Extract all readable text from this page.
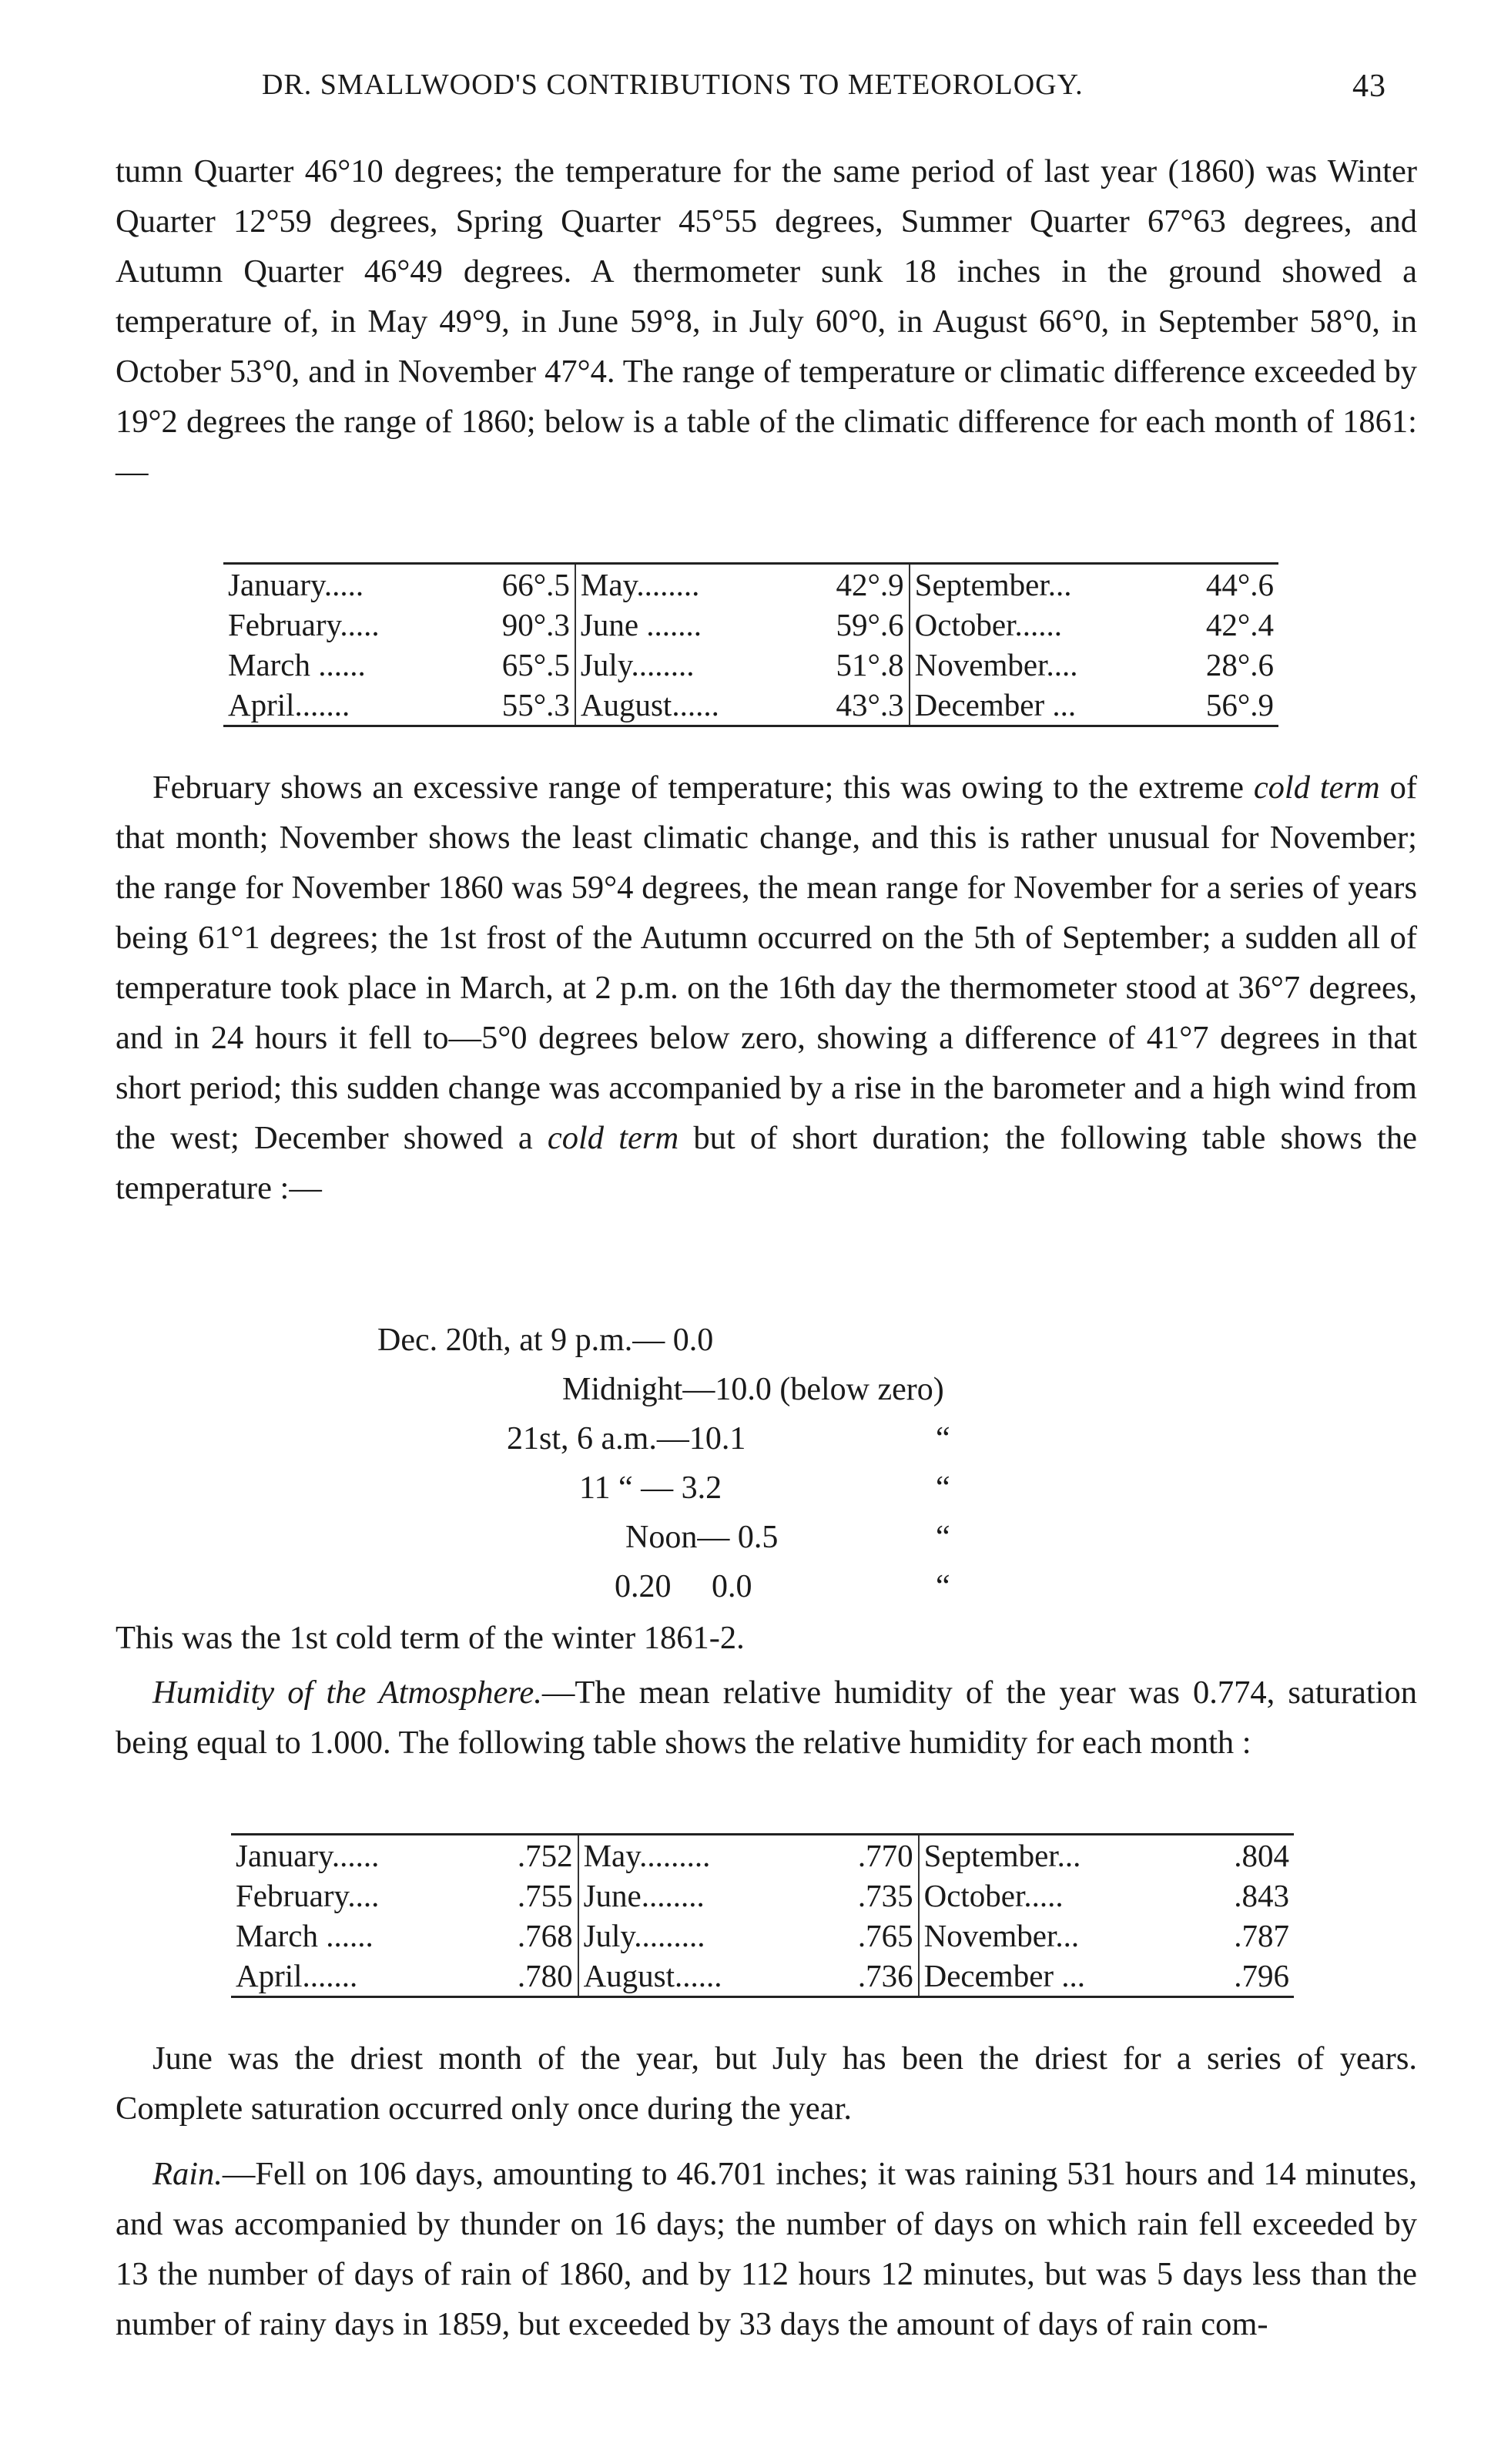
DR. SMALLWOOD'S CONTRIBUTIONS TO METEOROLOGY.	43

tumn Quarter 46°10 degrees; the temperature for the same period of last year (1860) was Winter Quarter 12°59 degrees, Spring Quarter 45°55 degrees, Summer Quarter 67°63 degrees, and Autumn Quarter 46°49 degrees. A thermometer sunk 18 inches in the ground showed a temperature of, in May 49°9, in June 59°8, in July 60°0, in August 66°0, in September 58°0, in October 53°0, and in November 47°4. The range of temperature or climatic difference exceeded by 19°2 degrees the range of 1860; below is a table of the climatic difference for each month of 1861:—

January.....	66°.5	May........	42°.9	September...	44°.6
February.....	90°.3	June .......	59°.6	October......	42°.4
March ......	65°.5	July........	51°.8	November....	28°.6
April.......	55°.3	August......	43°.3	December ...	56°.9

February shows an excessive range of temperature; this was owing to the extreme cold term of that month; November shows the least climatic change, and this is rather unusual for November; the range for November 1860 was 59°4 degrees, the mean range for November for a series of years being 61°1 degrees; the 1st frost of the Autumn occurred on the 5th of September; a sudden all of temperature took place in March, at 2 p.m. on the 16th day the thermometer stood at 36°7 degrees, and in 24 hours it fell to—5°0 degrees below zero, showing a difference of 41°7 degrees in that short period; this sudden change was accompanied by a rise in the barometer and a high wind from the west; December showed a cold term but of short duration; the following table shows the temperature :—

Dec. 20th, at 9 p.m.— 0.0
Midnight—10.0 (below zero)
21st, 6 a.m.—10.1	“
11 “ — 3.2	“
Noon— 0.5	“
0.20     0.0	“

This was the 1st cold term of the winter 1861-2.

Humidity of the Atmosphere.—The mean relative humidity of the year was 0.774, saturation being equal to 1.000. The following table shows the relative humidity for each month :

January......	.752	May.........	.770	September...	.804
February....	.755	June........	.735	October.....	.843
March ......	.768	July.........	.765	November...	.787
April.......	.780	August......	.736	December ...	.796

June was the driest month of the year, but July has been the driest for a series of years. Complete saturation occurred only once during the year.

Rain.—Fell on 106 days, amounting to 46.701 inches; it was raining 531 hours and 14 minutes, and was accompanied by thunder on 16 days; the number of days on which rain fell exceeded by 13 the number of days of rain of 1860, and by 112 hours 12 minutes, but was 5 days less than the number of rainy days in 1859, but exceeded by 33 days the amount of days of rain com-
